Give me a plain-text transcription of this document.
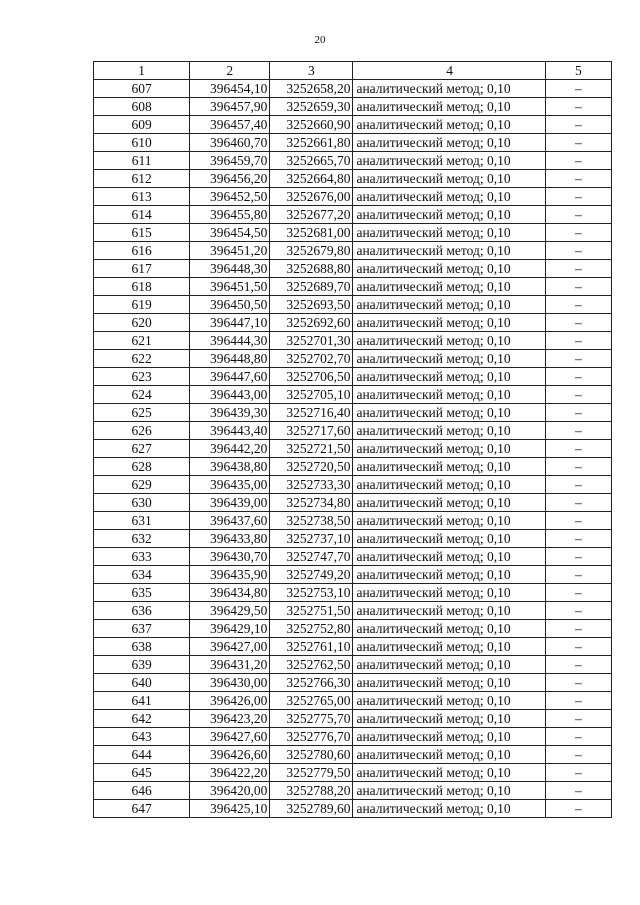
20
1	2	3	4	5
607	396454,10	3252658,20	аналитический метод; 0,10	–
608	396457,90	3252659,30	аналитический метод; 0,10	–
609	396457,40	3252660,90	аналитический метод; 0,10	–
610	396460,70	3252661,80	аналитический метод; 0,10	–
611	396459,70	3252665,70	аналитический метод; 0,10	–
612	396456,20	3252664,80	аналитический метод; 0,10	–
613	396452,50	3252676,00	аналитический метод; 0,10	–
614	396455,80	3252677,20	аналитический метод; 0,10	–
615	396454,50	3252681,00	аналитический метод; 0,10	–
616	396451,20	3252679,80	аналитический метод; 0,10	–
617	396448,30	3252688,80	аналитический метод; 0,10	–
618	396451,50	3252689,70	аналитический метод; 0,10	–
619	396450,50	3252693,50	аналитический метод; 0,10	–
620	396447,10	3252692,60	аналитический метод; 0,10	–
621	396444,30	3252701,30	аналитический метод; 0,10	–
622	396448,80	3252702,70	аналитический метод; 0,10	–
623	396447,60	3252706,50	аналитический метод; 0,10	–
624	396443,00	3252705,10	аналитический метод; 0,10	–
625	396439,30	3252716,40	аналитический метод; 0,10	–
626	396443,40	3252717,60	аналитический метод; 0,10	–
627	396442,20	3252721,50	аналитический метод; 0,10	–
628	396438,80	3252720,50	аналитический метод; 0,10	–
629	396435,00	3252733,30	аналитический метод; 0,10	–
630	396439,00	3252734,80	аналитический метод; 0,10	–
631	396437,60	3252738,50	аналитический метод; 0,10	–
632	396433,80	3252737,10	аналитический метод; 0,10	–
633	396430,70	3252747,70	аналитический метод; 0,10	–
634	396435,90	3252749,20	аналитический метод; 0,10	–
635	396434,80	3252753,10	аналитический метод; 0,10	–
636	396429,50	3252751,50	аналитический метод; 0,10	–
637	396429,10	3252752,80	аналитический метод; 0,10	–
638	396427,00	3252761,10	аналитический метод; 0,10	–
639	396431,20	3252762,50	аналитический метод; 0,10	–
640	396430,00	3252766,30	аналитический метод; 0,10	–
641	396426,00	3252765,00	аналитический метод; 0,10	–
642	396423,20	3252775,70	аналитический метод; 0,10	–
643	396427,60	3252776,70	аналитический метод; 0,10	–
644	396426,60	3252780,60	аналитический метод; 0,10	–
645	396422,20	3252779,50	аналитический метод; 0,10	–
646	396420,00	3252788,20	аналитический метод; 0,10	–
647	396425,10	3252789,60	аналитический метод; 0,10	–
